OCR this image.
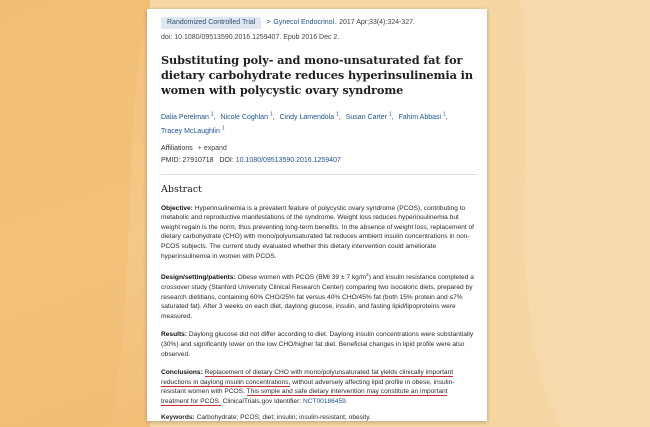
Randomized Controlled Trial	> Gynecol Endocrinol. 2017 Apr;33(4):324-327.
doi: 10.1080/09513590.2016.1259407. Epub 2016 Dec 2.
Substituting poly- and mono-unsaturated fat for dietary carbohydrate reduces hyperinsulinemia in women with polycystic ovary syndrome
Dalia Perelman $^1$, Nicole Coghlan $^1$, Cindy Lamendola $^1$, Susan Carter $^1$, Fahim Abbasi $^1$,
Tracey McLaughlin $^1$
Affiliations + expand
PMID: 27910718 DOI: 10.1080/09513590.2016.1259407
Abstract

Objective: Hyperinsulinemia is a prevalent feature of polycystic ovary syndrome (PCOS), contributing to metabolic and reproductive manifestations of the syndrome. Weight loss reduces hyperinsulinemia but weight regain is the norm, thus preventing long-term benefits. In the absence of weight loss, replacement of dietary carbohydrate (CHO) with mono/polyunsaturated fat reduces ambient insulin concentrations in non-PCOS subjects. The current study evaluated whether this dietary intervention could ameliorate hyperinsulinemia in women with PCOS.

Design/setting/patients: Obese women with PCOS (BMI 39 ± 7 $kg/m^2$) and insulin resistance completed a crossover study (Stanford University Clinical Research Center) comparing two isocaloric diets, prepared by research dietitians, containing 60% CHO/25% fat versus 40% CHO/45% fat (both 15% protein and ≤7% saturated fat). After 3 weeks on each diet, daylong glucose, insulin, and fasting lipid/lipoproteins were measured.

Results: Daylong glucose did not differ according to diet. Daylong insulin concentrations were substantially (30%) and significantly lower on the low CHO/higher fat diet. Beneficial changes in lipid profile were also observed.

Conclusions: Replacement of dietary CHO with mono/polyunsaturated fat yields clinically important reductions in daylong insulin concentrations, without adversely affecting lipid profile in obese, insulin-resistant women with PCOS. This simple and safe dietary intervention may constitute an important treatment for PCOS. ClinicalTrials.gov Identifier: NCT00186459.

Keywords: Carbohydrate; PCOS; diet; insulin; insulin-resistant; obesity.
